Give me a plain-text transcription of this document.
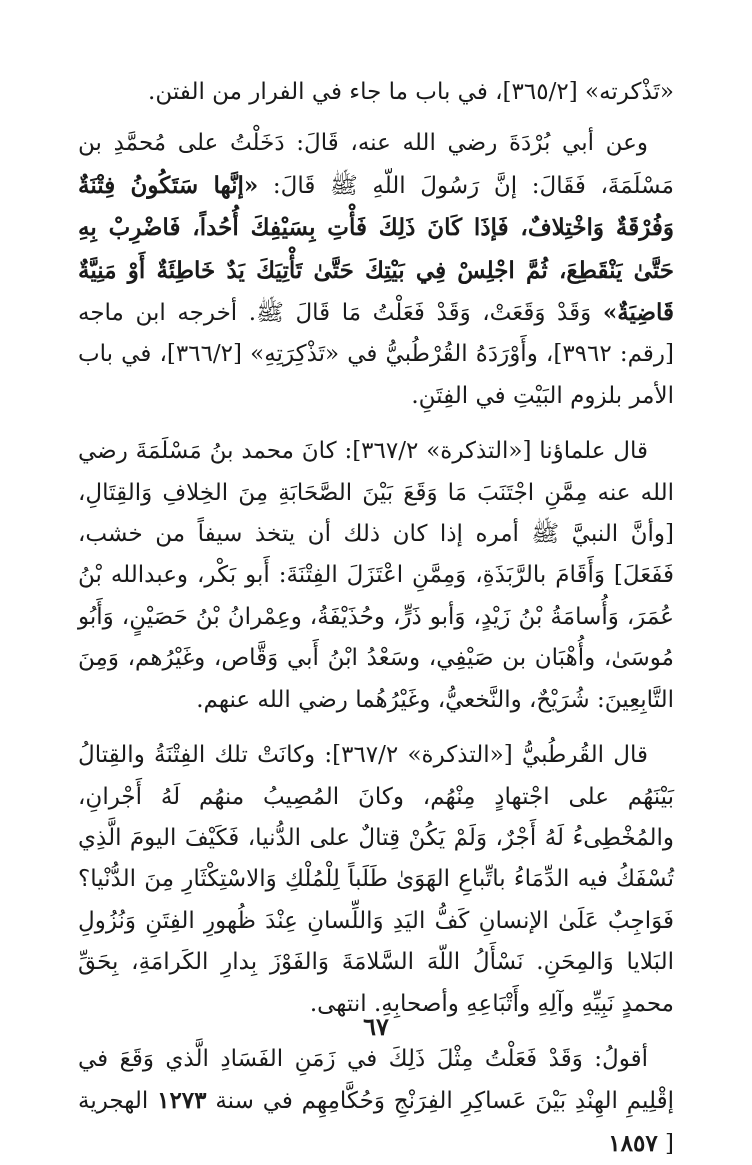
«تَذْكرته» [٣٦٥/٢]، في باب ما جاء في الفرار من الفتن.

وعن أبي بُرْدَةَ رضي الله عنه، قَالَ: دَخَلْتُ على مُحمَّدِ بن مَسْلَمَةَ، فَقَالَ: إنَّ رَسُولَ اللّهِ ﷺ قَالَ: «إنَّها سَتَكُونُ فِتْنَةٌ وَفُرْقَةٌ وَاخْتِلافٌ، فَإذَا كَانَ ذَلِكَ فَأْتِ بِسَيْفِكَ أُحُداً، فَاضْرِبْ بِهِ حَتَّىٰ يَنْقَطِعَ، ثُمَّ اجْلِسْ فِي بَيْتِكَ حَتَّىٰ تَأْتِيَكَ يَدٌ خَاطِئَةٌ أَوْ مَنِيَّةٌ قَاضِيَةٌ» وَقَدْ وَقَعَتْ، وَقَدْ فَعَلْتُ مَا قَالَ ﷺ. أخرجه ابن ماجه [رقم: ٣٩٦٢]، وأَوْرَدَهُ القُرْطُبيُّ في «تَذْكِرَتِهِ» [٣٦٦/٢]، في باب الأمر بلزوم البَيْتِ في الفِتَنِ.

قال علماؤنا [«التذكرة» ٣٦٧/٢]: كانَ محمد بنُ مَسْلَمَةَ رضي الله عنه مِمَّنِ اجْتَنَبَ مَا وَقَعَ بَيْنَ الصَّحَابَةِ مِنَ الخِلافِ وَالقِتَالِ، [وأنَّ النبيَّ ﷺ أمره إذا كان ذلك أن يتخذ سيفاً من خشب، فَفَعَلَ] وَأَقَامَ بالرَّبَذَةِ، وَمِمَّنِ اعْتَزَلَ الفِتْنَةَ: أَبو بَكْر، وعبدالله بْنُ عُمَرَ، وَأُسامَةُ بْنُ زَيْدٍ، وَأبو ذَرٍّ، وحُذَيْفَةُ، وعِمْرانُ بْنُ حَصَيْنٍ، وَأَبُو مُوسَىٰ، وأُهْبَان بن صَيْفِي، وسَعْدُ ابْنُ أَبي وَقَّاص، وغَيْرُهم، وَمِنَ التَّابِعِينَ: شُرَيْحٌ، والنَّخعيُّ، وغَيْرُهُما رضي الله عنهم.

قال القُرطُبيُّ [«التذكرة» ٣٦٧/٢]: وكانَتْ تلك الفِتْنَةُ والقِتالُ بَيْنَهُم على اجْتهادٍ مِنْهُم، وكانَ المُصِيبُ منهُم لَهُ أَجْرانِ، والمُخْطِىءُ لَهُ أَجْرٌ، وَلَمْ يَكُنْ قِتالٌ على الدُّنيا، فَكَيْفَ اليومَ الَّذِي تُسْفَكُ فيه الدِّمَاءُ باتِّباعِ الهَوَىٰ طَلَباً لِلْمُلْكِ وَالاسْتِكْثَارِ مِنَ الدُّنْيا؟ فَوَاجِبٌ عَلَىٰ الإنسانِ كَفُّ اليَدِ وَاللِّسانِ عِنْدَ ظُهورِ الفِتَنِ وَنُزُولِ البَلايا وَالمِحَنِ. نَسْأَلُ اللّهَ السَّلامَةَ وَالفَوْزَ بِدارِ الكَرامَةِ، بِحَقِّ محمدٍ نَبِيِّهِ وآلِهِ وأَتْبَاعِهِ وأصحابِهِ. انتهى.

أقولُ: وَقَدْ فَعَلْتُ مِثْلَ ذَلِكَ في زَمَنِ الفَسَادِ الَّذي وَقَعَ في إقْلِيمِ الهِنْدِ بَيْنَ عَساكِرِ الفِرَنْجِ وَحُكَّامِهِم في سنة ١٢٧٣ الهجرية [ ١٨٥٧

٦٧
